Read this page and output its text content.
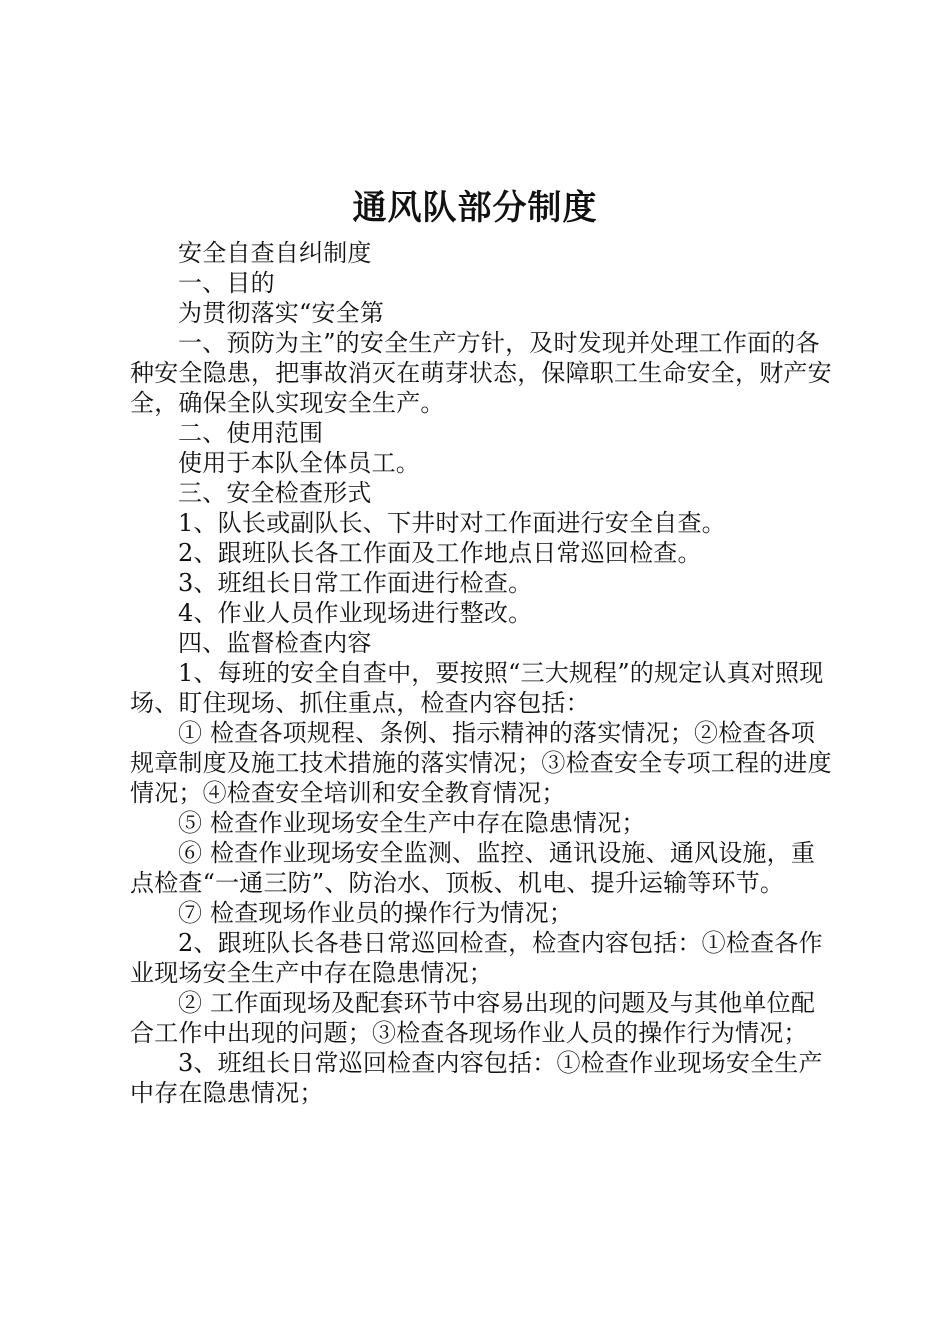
通风队部分制度

安全自查自纠制度

一、目的

为贯彻落实“安全第

一、预防为主”的安全生产方针，及时发现并处理工作面的各种安全隐患，把事故消灭在萌芽状态，保障职工生命安全，财产安全，确保全队实现安全生产。

二、使用范围

使用于本队全体员工。

三、安全检查形式

1、队长或副队长、下井时对工作面进行安全自查。

2、跟班队长各工作面及工作地点日常巡回检查。

3、班组长日常工作面进行检查。

4、作业人员作业现场进行整改。

四、监督检查内容

1、每班的安全自查中，要按照“三大规程”的规定认真对照现场、盯住现场、抓住重点，检查内容包括：

① 检查各项规程、条例、指示精神的落实情况；②检查各项规章制度及施工技术措施的落实情况；③检查安全专项工程的进度情况；④检查安全培训和安全教育情况；

⑤ 检查作业现场安全生产中存在隐患情况；

⑥ 检查作业现场安全监测、监控、通讯设施、通风设施，重点检查“一通三防”、防治水、顶板、机电、提升运输等环节。

⑦ 检查现场作业员的操作行为情况；

2、跟班队长各巷日常巡回检查，检查内容包括：①检查各作业现场安全生产中存在隐患情况；

② 工作面现场及配套环节中容易出现的问题及与其他单位配合工作中出现的问题；③检查各现场作业人员的操作行为情况；

3、班组长日常巡回检查内容包括：①检查作业现场安全生产中存在隐患情况；
